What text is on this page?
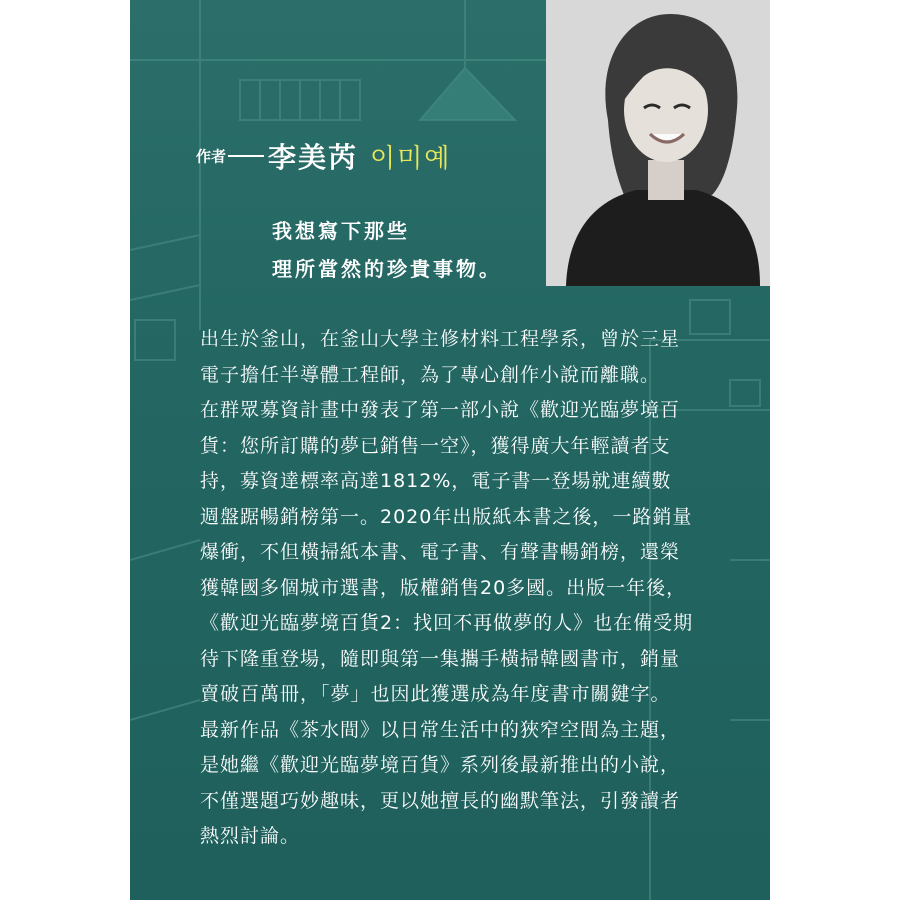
作者 李美芮 이미예
我想寫下那些
理所當然的珍貴事物。

出生於釜山，在釜山大學主修材料工程學系，曾於三星

電子擔任半導體工程師，為了專心創作小說而離職。

在群眾募資計畫中發表了第一部小說《歡迎光臨夢境百

貨：您所訂購的夢已銷售一空》，獲得廣大年輕讀者支

持，募資達標率高達1812%，電子書一登場就連續數

週盤踞暢銷榜第一。2020年出版紙本書之後，一路銷量

爆衝，不但橫掃紙本書、電子書、有聲書暢銷榜，還榮

獲韓國多個城市選書，版權銷售20多國。出版一年後，

《歡迎光臨夢境百貨2：找回不再做夢的人》也在備受期

待下隆重登場，隨即與第一集攜手橫掃韓國書市，銷量

賣破百萬冊，「夢」也因此獲選成為年度書市關鍵字。

最新作品《茶水間》以日常生活中的狹窄空間為主題，

是她繼《歡迎光臨夢境百貨》系列後最新推出的小說，

不僅選題巧妙趣味，更以她擅長的幽默筆法，引發讀者

熱烈討論。
